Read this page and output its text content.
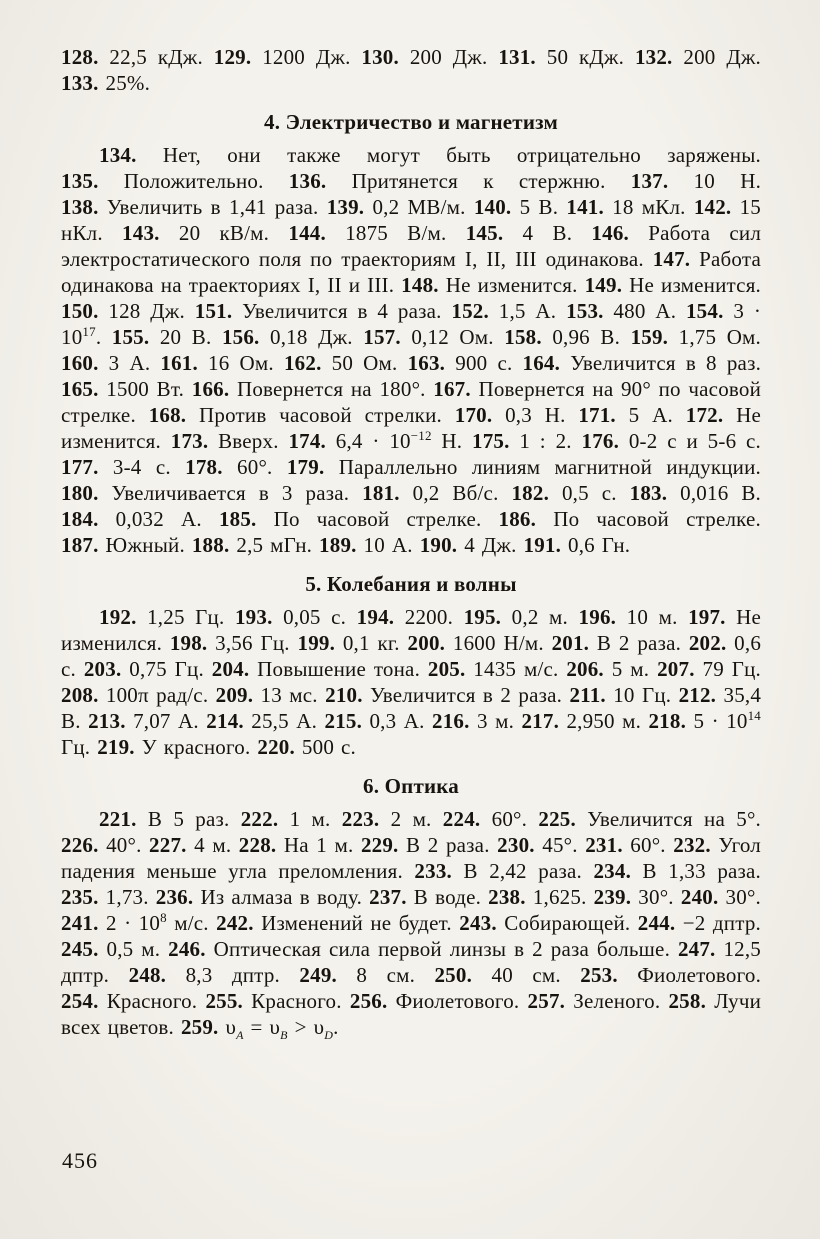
128. 22,5 кДж. 129. 1200 Дж. 130. 200 Дж. 131. 50 кДж. 132. 200 Дж. 133. 25%.

4. Электричество и магнетизм

134. Нет, они также могут быть отрицательно заряжены. 135. Положительно. 136. Притянется к стержню. 137. 10 Н. 138. Увеличить в 1,41 раза. 139. 0,2 МВ/м. 140. 5 В. 141. 18 мКл. 142. 15 нКл. 143. 20 кВ/м. 144. 1875 В/м. 145. 4 В. 146. Работа сил электростатического поля по траекториям I, II, III одинакова. 147. Работа одинакова на траекториях I, II и III. 148. Не изменится. 149. Не изменится. 150. 128 Дж. 151. Увеличится в 4 раза. 152. 1,5 А. 153. 480 А. 154. $3 \cdot 10^{17}$. 155. 20 В. 156. 0,18 Дж. 157. 0,12 Ом. 158. 0,96 В. 159. 1,75 Ом. 160. 3 А. 161. 16 Ом. 162. 50 Ом. 163. 900 с. 164. Увеличится в 8 раз. 165. 1500 Вт. 166. Повернется на 180°. 167. Повернется на 90° по часовой стрелке. 168. Против часовой стрелки. 170. 0,3 Н. 171. 5 А. 172. Не изменится. 173. Вверх. 174. $6,4 \cdot 10^{-12}$ Н. 175. 1 : 2. 176. 0-2 с и 5-6 с. 177. 3-4 с. 178. 60°. 179. Параллельно линиям магнитной индукции. 180. Увеличивается в 3 раза. 181. 0,2 Вб/с. 182. 0,5 с. 183. 0,016 В. 184. 0,032 А. 185. По часовой стрелке. 186. По часовой стрелке. 187. Южный. 188. 2,5 мГн. 189. 10 А. 190. 4 Дж. 191. 0,6 Гн.

5. Колебания и волны

192. 1,25 Гц. 193. 0,05 с. 194. 2200. 195. 0,2 м. 196. 10 м. 197. Не изменился. 198. 3,56 Гц. 199. 0,1 кг. 200. 1600 Н/м. 201. В 2 раза. 202. 0,6 с. 203. 0,75 Гц. 204. Повышение тона. 205. 1435 м/с. 206. 5 м. 207. 79 Гц. 208. 100π рад/с. 209. 13 мс. 210. Увеличится в 2 раза. 211. 10 Гц. 212. 35,4 В. 213. 7,07 А. 214. 25,5 А. 215. 0,3 А. 216. 3 м. 217. 2,950 м. 218. $5 \cdot 10^{14}$ Гц. 219. У красного. 220. 500 с.

6. Оптика

221. В 5 раз. 222. 1 м. 223. 2 м. 224. 60°. 225. Увеличится на 5°. 226. 40°. 227. 4 м. 228. На 1 м. 229. В 2 раза. 230. 45°. 231. 60°. 232. Угол падения меньше угла преломления. 233. В 2,42 раза. 234. В 1,33 раза. 235. 1,73. 236. Из алмаза в воду. 237. В воде. 238. 1,625. 239. 30°. 240. 30°. 241. $2 \cdot 10^8$ м/с. 242. Изменений не будет. 243. Собирающей. 244. −2 дптр. 245. 0,5 м. 246. Оптическая сила первой линзы в 2 раза больше. 247. 12,5 дптр. 248. 8,3 дптр. 249. 8 см. 250. 40 см. 253. Фиолетового. 254. Красного. 255. Красного. 256. Фиолетового. 257. Зеленого. 258. Лучи всех цветов. 259. $\upsilon_A = \upsilon_B > \upsilon_D$.

456
